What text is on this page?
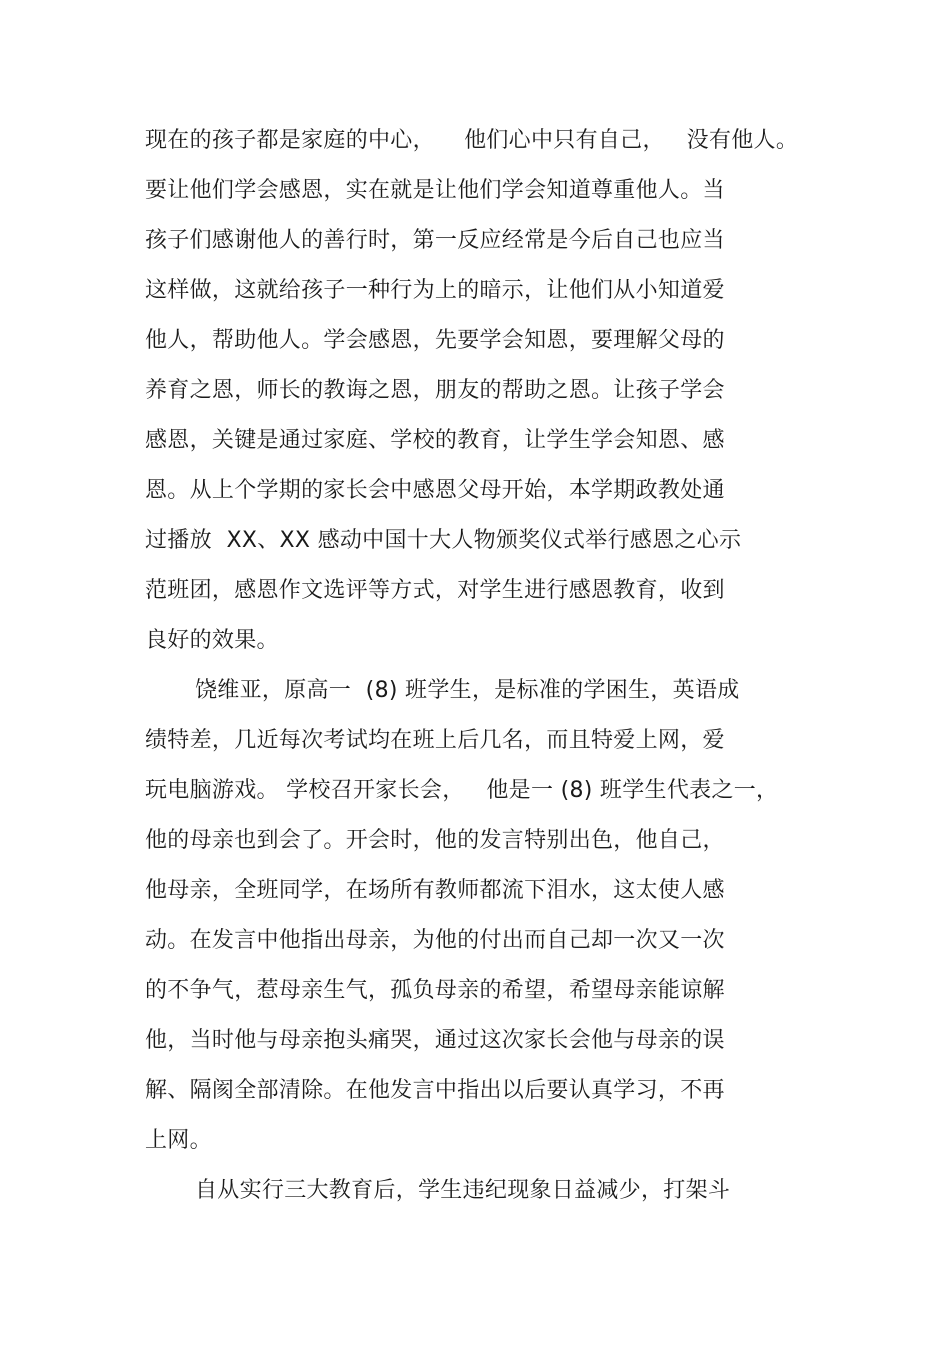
现在的孩子都是家庭的中心，    他们心中只有自己，   没有他人。

要让他们学会感恩，实在就是让他们学会知道尊重他人。当

孩子们感谢他人的善行时，第一反应经常是今后自己也应当

这样做，这就给孩子一种行为上的暗示，让他们从小知道爱

他人，帮助他人。学会感恩，先要学会知恩，要理解父母的

养育之恩，师长的教诲之恩，朋友的帮助之恩。让孩子学会

感恩，关键是通过家庭、学校的教育，让学生学会知恩、感

恩。从上个学期的家长会中感恩父母开始，本学期政教处通

过播放  XX、XX 感动中国十大人物颁奖仪式举行感恩之心示

范班团，感恩作文选评等方式，对学生进行感恩教育，收到

良好的效果。

饶维亚，原高一  (8) 班学生，是标准的学困生，英语成

绩特差，几近每次考试均在班上后几名，而且特爱上网，爱

玩电脑游戏。 学校召开家长会，   他是一 (8) 班学生代表之一，

他的母亲也到会了。开会时，他的发言特别出色，他自己，

他母亲，全班同学，在场所有教师都流下泪水，这太使人感

动。在发言中他指出母亲，为他的付出而自己却一次又一次

的不争气，惹母亲生气，孤负母亲的希望，希望母亲能谅解

他，当时他与母亲抱头痛哭，通过这次家长会他与母亲的误

解、隔阂全部清除。在他发言中指出以后要认真学习，不再

上网。

自从实行三大教育后，学生违纪现象日益减少，打架斗
